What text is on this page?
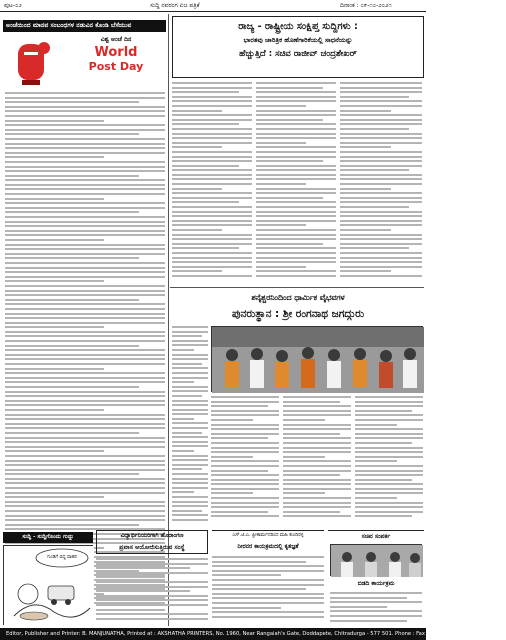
ಪುಟ-೦೨	ಸುದ್ದಿ ನವರಂಗ ಏಜ ಪತ್ರಿಕೆ	ದಿನಾಂಕ : ೦೯-೧೦-೨೦೨೧
ಅಂಚೆಯಿಂದ ಮಾನವ ಸಂಬಂಧಗಳ ನಡುವಿನ ಕೊಂಡಿ ಬೆಸೆಯುವ
ವಿಶ್ವ ಅಂಚೆ ದಿನ
World
Post Day
ರಾಜ್ಯ - ರಾಷ್ಟ್ರೀಯ ಸಂಕ್ಷಿಪ್ತ ಸುದ್ದಿಗಳು :
ಭಾರತವು ಚಾರಿತ್ರಿಕ ಹೊಣೆಗಾರಿಕೆಯಲ್ಲಿ ಸಾಧನೆಯನ್ನು
ಹೆಚ್ಚುತ್ತಿದೆ : ಸಚಿವ ರಾಜೀವ್ ಚಂದ್ರಶೇಖರ್
ಶನೈಶ್ಚರನಿಂದಿಂದ ಧಾರ್ಮಿಕ ವೈಭವಗಳ
ಪುನರುತ್ಥಾನ : ಶ್ರೀ ರಂಗನಾಥ ಜಗದ್ಗುರು
ವಿದ್ಯಾರ್ಥಿನಿಯರಿಗಾಗಿ ಹೊರಾಂಗಣ
ಪ್ರವಾಸ ಆಯೋಜಿಸುತ್ತಿರುವ ಸಂಸ್ಥೆ
ಸುದ್ದಿ - ಸುದ್ದಿಗೊಂದು ಗುದ್ದು
ಗುಂಡಿಗೆ ಬಿದ್ದ ವಾಹನ
ಎಸ್.ಟಿ.ಎ. ಫ್ರೀಕಾರ್ಮದರಿಂದ ಮಹಿ ಕುಂದಿರಳ್ಳ
ನೀರನರ ಕಾಯಕ್ರಮದಲ್ಲಿ ಕೃತಜ್ಞತೆ
ಸಚಿವ ಸಂಪರ್ಕ
ಬಿಡದಿ ಕಾರ್ಯಕ್ರಮ
Editor, Publisher and Printer: B. MANJUNATHA, Printed at : AKSHATHA PRINTERS, No. 1960, Near Rangaiah's Gate, Doddapete, Chitradurga - 577 501. Phone : Fax : 223648, Mobile 94481 27965
